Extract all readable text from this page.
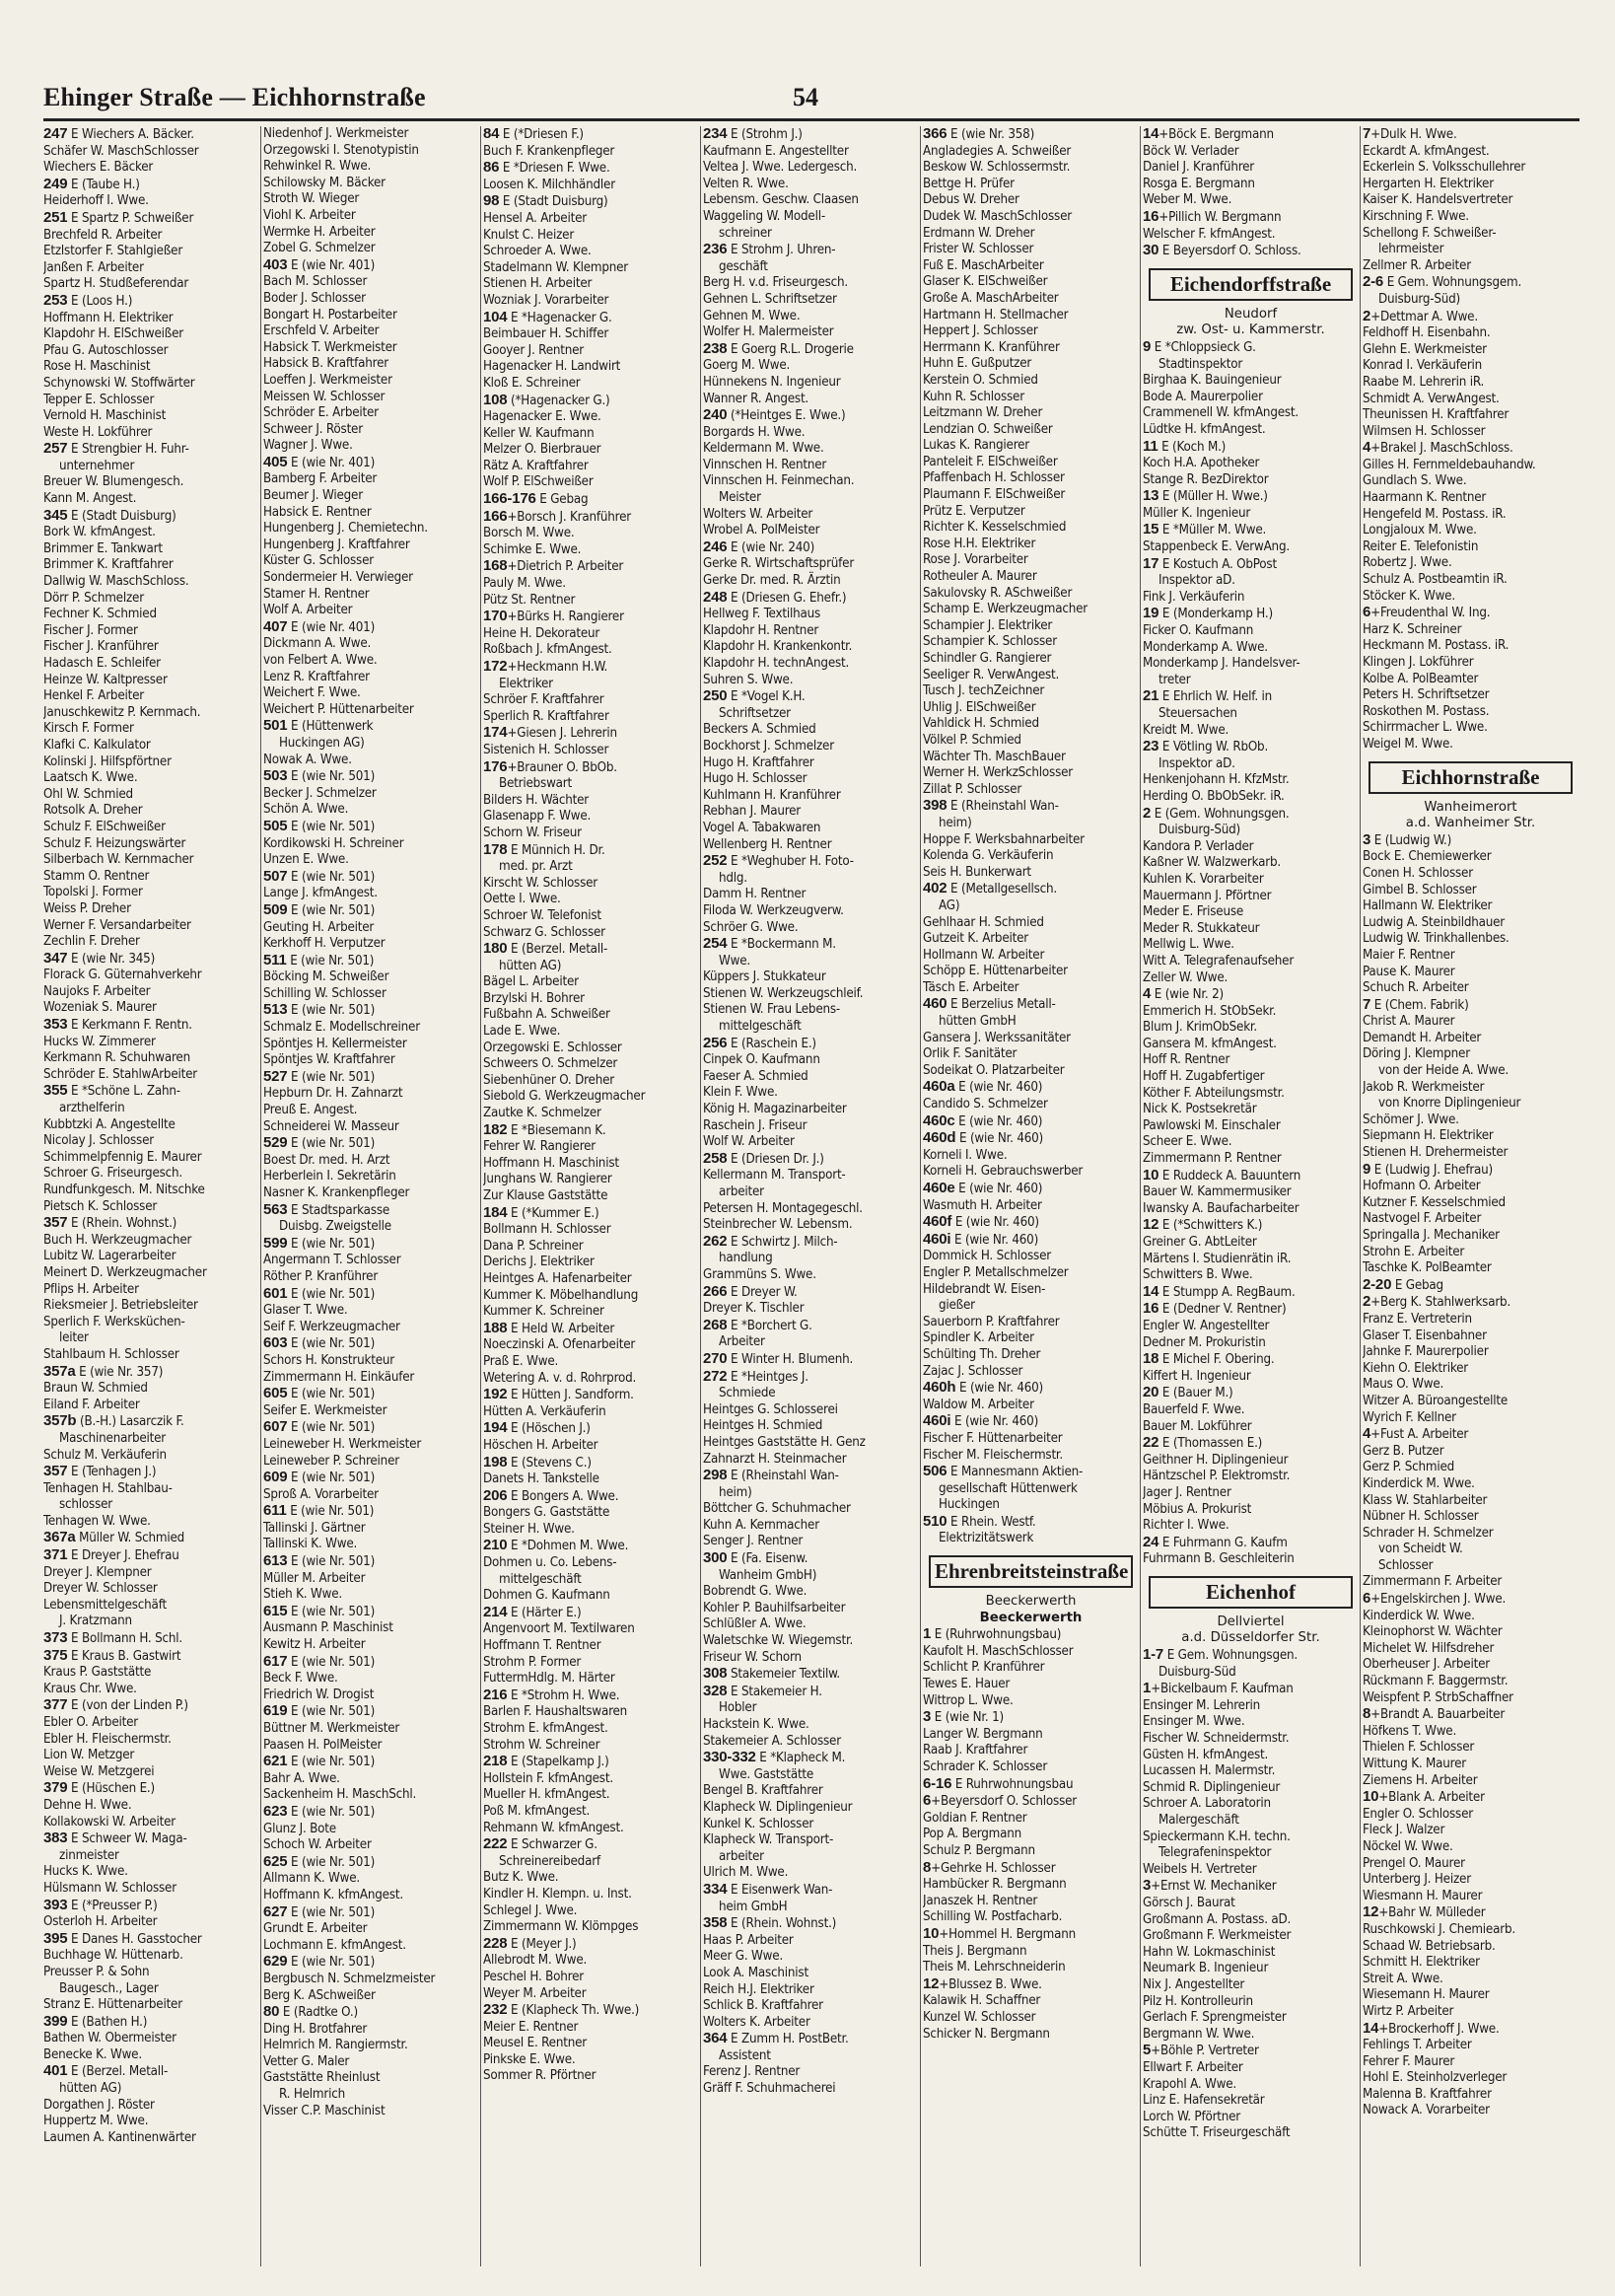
Ehinger Straße — Eichhornstraße	54
247 E Wiechers A. Bäcker.
Schäfer W. MaschSchlosser
Wiechers E. Bäcker
249 E (Taube H.)
Heiderhoff I. Wwe.
251 E Spartz P. Schweißer
Brechfeld R. Arbeiter
Etzlstorfer F. Stahlgießer
Janßen F. Arbeiter
Spartz H. Studßeferendar
253 E (Loos H.)
Hoffmann H. Elektriker
Klapdohr H. ElSchweißer
Pfau G. Autoschlosser
Rose H. Maschinist
Schynowski W. Stoffwärter
Tepper E. Schlosser
Vernold H. Maschinist
Weste H. Lokführer
257 E Strengbier H. Fuhr-
unternehmer
Breuer W. Blumengesch.
Kann M. Angest.
345 E (Stadt Duisburg)
Bork W. kfmAngest.
Brimmer E. Tankwart
Brimmer K. Kraftfahrer
Dallwig W. MaschSchloss.
Dörr P. Schmelzer
Fechner K. Schmied
Fischer J. Former
Fischer J. Kranführer
Hadasch E. Schleifer
Heinze W. Kaltpresser
Henkel F. Arbeiter
Januschkewitz P. Kernmach.
Kirsch F. Former
Klafki C. Kalkulator
Kolinski J. Hilfspförtner
Laatsch K. Wwe.
Ohl W. Schmied
Rotsolk A. Dreher
Schulz F. ElSchweißer
Schulz F. Heizungswärter
Silberbach W. Kernmacher
Stamm O. Rentner
Topolski J. Former
Weiss P. Dreher
Werner F. Versandarbeiter
Zechlin F. Dreher
347 E (wie Nr. 345)
Florack G. Güternahverkehr
Naujoks F. Arbeiter
Wozeniak S. Maurer
353 E Kerkmann F. Rentn.
Hucks W. Zimmerer
Kerkmann R. Schuhwaren
Schröder E. StahlwArbeiter
355 E *Schöne L. Zahn-
arzthelferin
Kubbtzki A. Angestellte
Nicolay J. Schlosser
Schimmelpfennig E. Maurer
Schroer G. Friseurgesch.
Rundfunkgesch. M. Nitschke
Pietsch K. Schlosser
357 E (Rhein. Wohnst.)
Buch H. Werkzeugmacher
Lubitz W. Lagerarbeiter
Meinert D. Werkzeugmacher
Pflips H. Arbeiter
Rieksmeier J. Betriebsleiter
Sperlich F. Werksküchen-
leiter
Stahlbaum H. Schlosser
357a E (wie Nr. 357)
Braun W. Schmied
Eiland F. Arbeiter
357b (B.-H.) Lasarczik F.
Maschinenarbeiter
Schulz M. Verkäuferin
357 E (Tenhagen J.)
Tenhagen H. Stahlbau-
schlosser
Tenhagen W. Wwe.
367a Müller W. Schmied
371 E Dreyer J. Ehefrau
Dreyer J. Klempner
Dreyer W. Schlosser
Lebensmittelgeschäft
J. Kratzmann
373 E Bollmann H. Schl.
375 E Kraus B. Gastwirt
Kraus P. Gaststätte
Kraus Chr. Wwe.
377 E (von der Linden P.)
Ebler O. Arbeiter
Ebler H. Fleischermstr.
Lion W. Metzger
Weise W. Metzgerei
379 E (Hüschen E.)
Dehne H. Wwe.
Kollakowski W. Arbeiter
383 E Schweer W. Maga-
zinmeister
Hucks K. Wwe.
Hülsmann W. Schlosser
393 E (*Preusser P.)
Osterloh H. Arbeiter
395 E Danes H. Gasstocher
Buchhage W. Hüttenarb.
Preusser P. & Sohn
Baugesch., Lager
Stranz E. Hüttenarbeiter
399 E (Bathen H.)
Bathen W. Obermeister
Benecke K. Wwe.
401 E (Berzel. Metall-
hütten AG)
Dorgathen J. Röster
Huppertz M. Wwe.
Laumen A. Kantinenwärter
Niedenhof J. Werkmeister
Orzegowski I. Stenotypistin
Rehwinkel R. Wwe.
Schilowsky M. Bäcker
Stroth W. Wieger
Viohl K. Arbeiter
Wermke H. Arbeiter
Zobel G. Schmelzer
403 E (wie Nr. 401)
Bach M. Schlosser
Boder J. Schlosser
Bongart H. Postarbeiter
Erschfeld V. Arbeiter
Habsick T. Werkmeister
Habsick B. Kraftfahrer
Loeffen J. Werkmeister
Meissen W. Schlosser
Schröder E. Arbeiter
Schweer J. Röster
Wagner J. Wwe.
405 E (wie Nr. 401)
Bamberg F. Arbeiter
Beumer J. Wieger
Habsick E. Rentner
Hungenberg J. Chemietechn.
Hungenberg J. Kraftfahrer
Küster G. Schlosser
Sondermeier H. Verwieger
Stamer H. Rentner
Wolf A. Arbeiter
407 E (wie Nr. 401)
Dickmann A. Wwe.
von Felbert A. Wwe.
Lenz R. Kraftfahrer
Weichert F. Wwe.
Weichert P. Hüttenarbeiter
501 E (Hüttenwerk
Huckingen AG)
Nowak A. Wwe.
503 E (wie Nr. 501)
Becker J. Schmelzer
Schön A. Wwe.
505 E (wie Nr. 501)
Kordikowski H. Schreiner
Unzen E. Wwe.
507 E (wie Nr. 501)
Lange J. kfmAngest.
509 E (wie Nr. 501)
Geuting H. Arbeiter
Kerkhoff H. Verputzer
511 E (wie Nr. 501)
Böcking M. Schweißer
Schilling W. Schlosser
513 E (wie Nr. 501)
Schmalz E. Modellschreiner
Spöntjes H. Kellermeister
Spöntjes W. Kraftfahrer
527 E (wie Nr. 501)
Hepburn Dr. H. Zahnarzt
Preuß E. Angest.
Schneiderei W. Masseur
529 E (wie Nr. 501)
Boest Dr. med. H. Arzt
Herberlein I. Sekretärin
Nasner K. Krankenpfleger
563 E Stadtsparkasse
Duisbg. Zweigstelle
599 E (wie Nr. 501)
Angermann T. Schlosser
Röther P. Kranführer
601 E (wie Nr. 501)
Glaser T. Wwe.
Seif F. Werkzeugmacher
603 E (wie Nr. 501)
Schors H. Konstrukteur
Zimmermann H. Einkäufer
605 E (wie Nr. 501)
Seifer E. Werkmeister
607 E (wie Nr. 501)
Leineweber H. Werkmeister
Leineweber P. Schreiner
609 E (wie Nr. 501)
Sproß A. Vorarbeiter
611 E (wie Nr. 501)
Tallinski J. Gärtner
Tallinski K. Wwe.
613 E (wie Nr. 501)
Müller M. Arbeiter
Stieh K. Wwe.
615 E (wie Nr. 501)
Ausmann P. Maschinist
Kewitz H. Arbeiter
617 E (wie Nr. 501)
Beck F. Wwe.
Friedrich W. Drogist
619 E (wie Nr. 501)
Büttner M. Werkmeister
Paasen H. PolMeister
621 E (wie Nr. 501)
Bahr A. Wwe.
Sackenheim H. MaschSchl.
623 E (wie Nr. 501)
Glunz J. Bote
Schoch W. Arbeiter
625 E (wie Nr. 501)
Allmann K. Wwe.
Hoffmann K. kfmAngest.
627 E (wie Nr. 501)
Grundt E. Arbeiter
Lochmann E. kfmAngest.
629 E (wie Nr. 501)
Bergbusch N. Schmelzmeister
Berg K. ASchweißer
80 E (Radtke O.)
Ding H. Brotfahrer
Helmrich M. Rangiermstr.
Vetter G. Maler
Gaststätte Rheinlust
R. Helmrich
Visser C.P. Maschinist
84 E (*Driesen F.)
Buch F. Krankenpfleger
86 E *Driesen F. Wwe.
Loosen K. Milchhändler
98 E (Stadt Duisburg)
Hensel A. Arbeiter
Knulst C. Heizer
Schroeder A. Wwe.
Stadelmann W. Klempner
Stienen H. Arbeiter
Wozniak J. Vorarbeiter
104 E *Hagenacker G.
Beimbauer H. Schiffer
Gooyer J. Rentner
Hagenacker H. Landwirt
Kloß E. Schreiner
108 (*Hagenacker G.)
Hagenacker E. Wwe.
Keller W. Kaufmann
Melzer O. Bierbrauer
Rätz A. Kraftfahrer
Wolf P. ElSchweißer
166-176 E Gebag
166+Borsch J. Kranführer
Borsch M. Wwe.
Schimke E. Wwe.
168+Dietrich P. Arbeiter
Pauly M. Wwe.
Pütz St. Rentner
170+Bürks H. Rangierer
Heine H. Dekorateur
Roßbach J. kfmAngest.
172+Heckmann H.W.
Elektriker
Schröer F. Kraftfahrer
Sperlich R. Kraftfahrer
174+Giesen J. Lehrerin
Sistenich H. Schlosser
176+Brauner O. BbOb.
Betriebswart
Bilders H. Wächter
Glasenapp F. Wwe.
Schorn W. Friseur
178 E Münnich H. Dr.
med. pr. Arzt
Kirscht W. Schlosser
Oette I. Wwe.
Schroer W. Telefonist
Schwarz G. Schlosser
180 E (Berzel. Metall-
hütten AG)
Bägel L. Arbeiter
Brzylski H. Bohrer
Fußbahn A. Schweißer
Lade E. Wwe.
Orzegowski E. Schlosser
Schweers O. Schmelzer
Siebenhüner O. Dreher
Siebold G. Werkzeugmacher
Zautke K. Schmelzer
182 E *Biesemann K.
Fehrer W. Rangierer
Hoffmann H. Maschinist
Junghans W. Rangierer
Zur Klause Gaststätte
184 E (*Kummer E.)
Bollmann H. Schlosser
Dana P. Schreiner
Derichs J. Elektriker
Heintges A. Hafenarbeiter
Kummer K. Möbelhandlung
Kummer K. Schreiner
188 E Held W. Arbeiter
Noeczinski A. Ofenarbeiter
Praß E. Wwe.
Wetering A. v. d. Rohrprod.
192 E Hütten J. Sandform.
Hütten A. Verkäuferin
194 E (Höschen J.)
Höschen H. Arbeiter
198 E (Stevens C.)
Danets H. Tankstelle
206 E Bongers A. Wwe.
Bongers G. Gaststätte
Steiner H. Wwe.
210 E *Dohmen M. Wwe.
Dohmen u. Co. Lebens-
mittelgeschäft
Dohmen G. Kaufmann
214 E (Härter E.)
Angenvoort M. Textilwaren
Hoffmann T. Rentner
Strohm P. Former
FuttermHdlg. M. Härter
216 E *Strohm H. Wwe.
Barlen F. Haushaltswaren
Strohm E. kfmAngest.
Strohm W. Schreiner
218 E (Stapelkamp J.)
Hollstein F. kfmAngest.
Mueller H. kfmAngest.
Poß M. kfmAngest.
Rehmann W. kfmAngest.
222 E Schwarzer G.
Schreinereibedarf
Butz K. Wwe.
Kindler H. Klempn. u. Inst.
Schlegel J. Wwe.
Zimmermann W. Klömpges
228 E (Meyer J.)
Allebrodt M. Wwe.
Peschel H. Bohrer
Weyer M. Arbeiter
232 E (Klapheck Th. Wwe.)
Meier E. Rentner
Meusel E. Rentner
Pinkske E. Wwe.
Sommer R. Pförtner
234 E (Strohm J.)
Kaufmann E. Angestellter
Veltea J. Wwe. Ledergesch.
Velten R. Wwe.
Lebensm. Geschw. Claasen
Waggeling W. Modell-
schreiner
236 E Strohm J. Uhren-
geschäft
Berg H. v.d. Friseurgesch.
Gehnen L. Schriftsetzer
Gehnen M. Wwe.
Wolfer H. Malermeister
238 E Goerg R.L. Drogerie
Goerg M. Wwe.
Hünnekens N. Ingenieur
Wanner R. Angest.
240 (*Heintges E. Wwe.)
Borgards H. Wwe.
Keldermann M. Wwe.
Vinnschen H. Rentner
Vinnschen H. Feinmechan.
Meister
Wolters W. Arbeiter
Wrobel A. PolMeister
246 E (wie Nr. 240)
Gerke R. Wirtschaftsprüfer
Gerke Dr. med. R. Ärztin
248 E (Driesen G. Ehefr.)
Hellweg F. Textilhaus
Klapdohr H. Rentner
Klapdohr H. Krankenkontr.
Klapdohr H. technAngest.
Suhren S. Wwe.
250 E *Vogel K.H.
Schriftsetzer
Beckers A. Schmied
Bockhorst J. Schmelzer
Hugo H. Kraftfahrer
Hugo H. Schlosser
Kuhlmann H. Kranführer
Rebhan J. Maurer
Vogel A. Tabakwaren
Wellenberg H. Rentner
252 E *Weghuber H. Foto-
hdlg.
Damm H. Rentner
Filoda W. Werkzeugverw.
Schröer G. Wwe.
254 E *Bockermann M.
Wwe.
Küppers J. Stukkateur
Stienen W. Werkzeugschleif.
Stienen W. Frau Lebens-
mittelgeschäft
256 E (Raschein E.)
Cinpek O. Kaufmann
Faeser A. Schmied
Klein F. Wwe.
König H. Magazinarbeiter
Raschein J. Friseur
Wolf W. Arbeiter
258 E (Driesen Dr. J.)
Kellermann M. Transport-
arbeiter
Petersen H. Montagegeschl.
Steinbrecher W. Lebensm.
262 E Schwirtz J. Milch-
handlung
Grammüns S. Wwe.
266 E Dreyer W.
Dreyer K. Tischler
268 E *Borchert G.
Arbeiter
270 E Winter H. Blumenh.
272 E *Heintges J.
Schmiede
Heintges G. Schlosserei
Heintges H. Schmied
Heintges Gaststätte H. Genz
Zahnarzt H. Steinmacher
298 E (Rheinstahl Wan-
heim)
Böttcher G. Schuhmacher
Kuhn A. Kernmacher
Senger J. Rentner
300 E (Fa. Eisenw.
Wanheim GmbH)
Bobrendt G. Wwe.
Kohler P. Bauhilfsarbeiter
Schlüßler A. Wwe.
Waletschke W. Wiegemstr.
Friseur W. Schorn
308 Stakemeier Textilw.
328 E Stakemeier H.
Hobler
Hackstein K. Wwe.
Stakemeier A. Schlosser
330-332 E *Klapheck M.
Wwe. Gaststätte
Bengel B. Kraftfahrer
Klapheck W. Diplingenieur
Kunkel K. Schlosser
Klapheck W. Transport-
arbeiter
Ulrich M. Wwe.
334 E Eisenwerk Wan-
heim GmbH
358 E (Rhein. Wohnst.)
Haas P. Arbeiter
Meer G. Wwe.
Look A. Maschinist
Reich H.J. Elektriker
Schlick B. Kraftfahrer
Wolters K. Arbeiter
364 E Zumm H. PostBetr.
Assistent
Ferenz J. Rentner
Gräff F. Schuhmacherei
366 E (wie Nr. 358)
Angladegies A. Schweißer
Beskow W. Schlossermstr.
Bettge H. Prüfer
Debus W. Dreher
Dudek W. MaschSchlosser
Erdmann W. Dreher
Frister W. Schlosser
Fuß E. MaschArbeiter
Glaser K. ElSchweißer
Große A. MaschArbeiter
Hartmann H. Stellmacher
Heppert J. Schlosser
Herrmann K. Kranführer
Huhn E. Gußputzer
Kerstein O. Schmied
Kuhn R. Schlosser
Leitzmann W. Dreher
Lendzian O. Schweißer
Lukas K. Rangierer
Panteleit F. ElSchweißer
Pfaffenbach H. Schlosser
Plaumann F. ElSchweißer
Prütz E. Verputzer
Richter K. Kesselschmied
Rose H.H. Elektriker
Rose J. Vorarbeiter
Rotheuler A. Maurer
Sakulovsky R. ASchweißer
Schamp E. Werkzeugmacher
Schampier J. Elektriker
Schampier K. Schlosser
Schindler G. Rangierer
Seeliger R. VerwAngest.
Tusch J. techZeichner
Uhlig J. ElSchweißer
Vahldick H. Schmied
Völkel P. Schmied
Wächter Th. MaschBauer
Werner H. WerkzSchlosser
Zillat P. Schlosser
398 E (Rheinstahl Wan-
heim)
Hoppe F. Werksbahnarbeiter
Kolenda G. Verkäuferin
Seis H. Bunkerwart
402 E (Metallgesellsch.
AG)
Gehlhaar H. Schmied
Gutzeit K. Arbeiter
Hollmann W. Arbeiter
Schöpp E. Hüttenarbeiter
Täsch E. Arbeiter
460 E Berzelius Metall-
hütten GmbH
Gansera J. Werkssanitäter
Orlik F. Sanitäter
Sodeikat O. Platzarbeiter
460a E (wie Nr. 460)
Candido S. Schmelzer
460c E (wie Nr. 460)
460d E (wie Nr. 460)
Korneli I. Wwe.
Korneli H. Gebrauchswerber
460e E (wie Nr. 460)
Wasmuth H. Arbeiter
460f E (wie Nr. 460)
460i E (wie Nr. 460)
Dommick H. Schlosser
Engler P. Metallschmelzer
Hildebrandt W. Eisen-
gießer
Sauerborn P. Kraftfahrer
Spindler K. Arbeiter
Schülting Th. Dreher
Zajac J. Schlosser
460h E (wie Nr. 460)
Waldow M. Arbeiter
460i E (wie Nr. 460)
Fischer F. Hüttenarbeiter
Fischer M. Fleischermstr.
506 E Mannesmann Aktien-
gesellschaft Hüttenwerk
Huckingen
510 E Rhein. Westf.
Elektrizitätswerk
Ehrenbreitsteinstraße
Beeckerwerth
Beeckerwerth
1 E (Ruhrwohnungsbau)
Kaufolt H. MaschSchlosser
Schlicht P. Kranführer
Tewes E. Hauer
Wittrop L. Wwe.
3 E (wie Nr. 1)
Langer W. Bergmann
Raab J. Kraftfahrer
Schrader K. Schlosser
6-16 E Ruhrwohnungsbau
6+Beyersdorf O. Schlosser
Goldian F. Rentner
Pop A. Bergmann
Schulz P. Bergmann
8+Gehrke H. Schlosser
Hambücker R. Bergmann
Janaszek H. Rentner
Schilling W. Postfacharb.
10+Hommel H. Bergmann
Theis J. Bergmann
Theis M. Lehrschneiderin
12+Blussez B. Wwe.
Kalawik H. Schaffner
Kunzel W. Schlosser
Schicker N. Bergmann
14+Böck E. Bergmann
Böck W. Verlader
Daniel J. Kranführer
Rosga E. Bergmann
Weber M. Wwe.
16+Pillich W. Bergmann
Welscher F. kfmAngest.
30 E Beyersdorf O. Schloss.
Eichendorffstraße
Neudorf
zw. Ost- u. Kammerstr.
9 E *Chloppsieck G.
Stadtinspektor
Birghaa K. Bauingenieur
Bode A. Maurerpolier
Crammenell W. kfmAngest.
Lüdtke H. kfmAngest.
11 E (Koch M.)
Koch H.A. Apotheker
Stange R. BezDirektor
13 E (Müller H. Wwe.)
Müller K. Ingenieur
15 E *Müller M. Wwe.
Stappenbeck E. VerwAng.
17 E Kostuch A. ObPost
Inspektor aD.
Fink J. Verkäuferin
19 E (Monderkamp H.)
Ficker O. Kaufmann
Monderkamp A. Wwe.
Monderkamp J. Handelsver-
treter
21 E Ehrlich W. Helf. in
Steuersachen
Kreidt M. Wwe.
23 E Vötling W. RbOb.
Inspektor aD.
Henkenjohann H. KfzMstr.
Herding O. BbObSekr. iR.
2 E (Gem. Wohnungsgen.
Duisburg-Süd)
Kandora P. Verlader
Kaßner W. Walzwerkarb.
Kuhlen K. Vorarbeiter
Mauermann J. Pförtner
Meder E. Friseuse
Meder R. Stukkateur
Mellwig L. Wwe.
Witt A. Telegrafenaufseher
Zeller W. Wwe.
4 E (wie Nr. 2)
Emmerich H. StObSekr.
Blum J. KrimObSekr.
Gansera M. kfmAngest.
Hoff R. Rentner
Hoff H. Zugabfertiger
Köther F. Abteilungsmstr.
Nick K. Postsekretär
Pawlowski M. Einschaler
Scheer E. Wwe.
Zimmermann P. Rentner
10 E Ruddeck A. Bauuntern
Bauer W. Kammermusiker
Iwansky A. Baufacharbeiter
12 E (*Schwitters K.)
Greiner G. AbtLeiter
Märtens I. Studienrätin iR.
Schwitters B. Wwe.
14 E Stumpp A. RegBaum.
16 E (Dedner V. Rentner)
Engler W. Angestellter
Dedner M. Prokuristin
18 E Michel F. Obering.
Kiffert H. Ingenieur
20 E (Bauer M.)
Bauerfeld F. Wwe.
Bauer M. Lokführer
22 E (Thomassen E.)
Geithner H. Diplingenieur
Häntzschel P. Elektromstr.
Jager J. Rentner
Möbius A. Prokurist
Richter I. Wwe.
24 E Fuhrmann G. Kaufm
Fuhrmann B. Geschleiterin
Eichenhof
Dellviertel
a.d. Düsseldorfer Str.
1-7 E Gem. Wohnungsgen.
Duisburg-Süd
1+Bickelbaum F. Kaufman
Ensinger M. Lehrerin
Ensinger M. Wwe.
Fischer W. Schneidermstr.
Güsten H. kfmAngest.
Lucassen H. Malermstr.
Schmid R. Diplingenieur
Schroer A. Laboratorin
Malergeschäft
Spieckermann K.H. techn.
Telegrafeninspektor
Weibels H. Vertreter
3+Ernst W. Mechaniker
Görsch J. Baurat
Großmann A. Postass. aD.
Großmann F. Werkmeister
Hahn W. Lokmaschinist
Neumark B. Ingenieur
Nix J. Angestellter
Pilz H. Kontrolleurin
Gerlach F. Sprengmeister
Bergmann W. Wwe.
5+Böhle P. Vertreter
Ellwart F. Arbeiter
Krapohl A. Wwe.
Linz E. Hafensekretär
Lorch W. Pförtner
Schütte T. Friseurgeschäft
7+Dulk H. Wwe.
Eckardt A. kfmAngest.
Eckerlein S. Volksschullehrer
Hergarten H. Elektriker
Kaiser K. Handelsvertreter
Kirschning F. Wwe.
Schellong F. Schweißer-
lehrmeister
Zellmer R. Arbeiter
2-6 E Gem. Wohnungsgem.
Duisburg-Süd)
2+Dettmar A. Wwe.
Feldhoff H. Eisenbahn.
Glehn E. Werkmeister
Konrad I. Verkäuferin
Raabe M. Lehrerin iR.
Schmidt A. VerwAngest.
Theunissen H. Kraftfahrer
Wilmsen H. Schlosser
4+Brakel J. MaschSchloss.
Gilles H. Fernmeldebauhandw.
Gundlach S. Wwe.
Haarmann K. Rentner
Hengefeld M. Postass. iR.
Longjaloux M. Wwe.
Reiter E. Telefonistin
Robertz J. Wwe.
Schulz A. Postbeamtin iR.
Stöcker K. Wwe.
6+Freudenthal W. Ing.
Harz K. Schreiner
Heckmann M. Postass. iR.
Klingen J. Lokführer
Kolbe A. PolBeamter
Peters H. Schriftsetzer
Roskothen M. Postass.
Schirrmacher L. Wwe.
Weigel M. Wwe.
Eichhornstraße
Wanheimerort
a.d. Wanheimer Str.
3 E (Ludwig W.)
Bock E. Chemiewerker
Conen H. Schlosser
Gimbel B. Schlosser
Hallmann W. Elektriker
Ludwig A. Steinbildhauer
Ludwig W. Trinkhallenbes.
Maier F. Rentner
Pause K. Maurer
Schuch R. Arbeiter
7 E (Chem. Fabrik)
Christ A. Maurer
Demandt H. Arbeiter
Döring J. Klempner
von der Heide A. Wwe.
Jakob R. Werkmeister
von Knorre Diplingenieur
Schömer J. Wwe.
Siepmann H. Elektriker
Stienen H. Drehermeister
9 E (Ludwig J. Ehefrau)
Hofmann O. Arbeiter
Kutzner F. Kesselschmied
Nastvogel F. Arbeiter
Springalla J. Mechaniker
Strohn E. Arbeiter
Taschke K. PolBeamter
2-20 E Gebag
2+Berg K. Stahlwerksarb.
Franz E. Vertreterin
Glaser T. Eisenbahner
Jahnke F. Maurerpolier
Kiehn O. Elektriker
Maus O. Wwe.
Witzer A. Büroangestellte
Wyrich F. Kellner
4+Fust A. Arbeiter
Gerz B. Putzer
Gerz P. Schmied
Kinderdick M. Wwe.
Klass W. Stahlarbeiter
Nübner H. Schlosser
Schrader H. Schmelzer
von Scheidt W.
Schlosser
Zimmermann F. Arbeiter
6+Engelskirchen J. Wwe.
Kinderdick W. Wwe.
Kleinophorst W. Wächter
Michelet W. Hilfsdreher
Oberheuser J. Arbeiter
Rückmann F. Baggermstr.
Weispfent P. StrbSchaffner
8+Brandt A. Bauarbeiter
Höfkens T. Wwe.
Thielen F. Schlosser
Wittung K. Maurer
Ziemens H. Arbeiter
10+Blank A. Arbeiter
Engler O. Schlosser
Fleck J. Walzer
Nöckel W. Wwe.
Prengel O. Maurer
Unterberg J. Heizer
Wiesmann H. Maurer
12+Bahr W. Mülleder
Ruschkowski J. Chemiearb.
Schaad W. Betriebsarb.
Schmitt H. Elektriker
Streit A. Wwe.
Wiesemann H. Maurer
Wirtz P. Arbeiter
14+Brockerhoff J. Wwe.
Fehlings T. Arbeiter
Fehrer F. Maurer
Hohl E. Steinholzverleger
Malenna B. Kraftfahrer
Nowack A. Vorarbeiter
